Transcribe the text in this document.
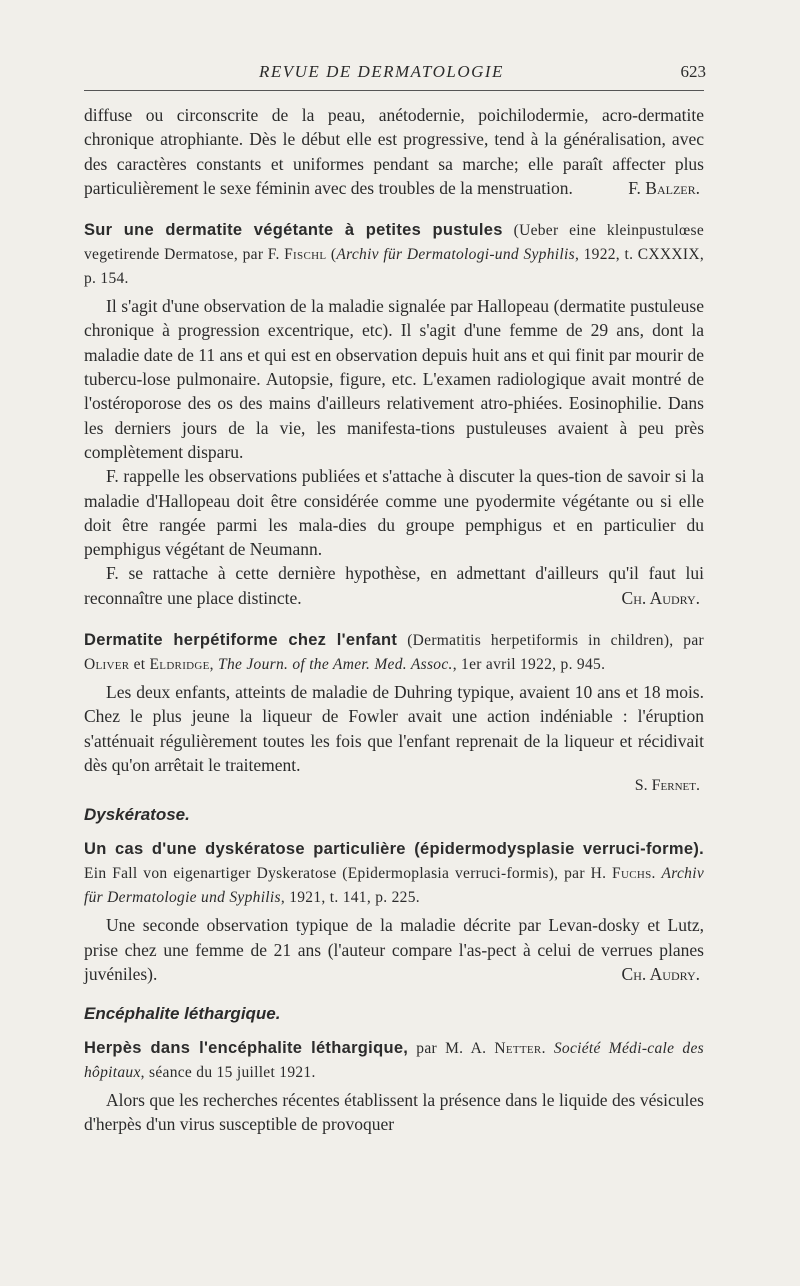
REVUE DE DERMATOLOGIE	623

diffuse ou circonscrite de la peau, anétodernie, poichilodermie, acro-dermatite chronique atrophiante. Dès le début elle est progressive, tend à la généralisation, avec des caractères constants et uniformes pendant sa marche; elle paraît affecter plus particulièrement le sexe féminin avec des troubles de la menstruation.	F. Balzer.

Sur une dermatite végétante à petites pustules (Ueber eine kleinpustulœse vegetirende Dermatose, par F. Fischl (Archiv für Dermatologi-und Syphilis, 1922, t. CXXXIX, p. 154.

Il s'agit d'une observation de la maladie signalée par Hallopeau (dermatite pustuleuse chronique à progression excentrique, etc). Il s'agit d'une femme de 29 ans, dont la maladie date de 11 ans et qui est en observation depuis huit ans et qui finit par mourir de tubercu-lose pulmonaire. Autopsie, figure, etc. L'examen radiologique avait montré de l'ostéroporose des os des mains d'ailleurs relativement atro-phiées. Eosinophilie. Dans les derniers jours de la vie, les manifesta-tions pustuleuses avaient à peu près complètement disparu.

F. rappelle les observations publiées et s'attache à discuter la ques-tion de savoir si la maladie d'Hallopeau doit être considérée comme une pyodermite végétante ou si elle doit être rangée parmi les mala-dies du groupe pemphigus et en particulier du pemphigus végétant de Neumann.

F. se rattache à cette dernière hypothèse, en admettant d'ailleurs qu'il faut lui reconnaître une place distincte.	Ch. Audry.

Dermatite herpétiforme chez l'enfant (Dermatitis herpetiformis in children), par Oliver et Eldridge, The Journ. of the Amer. Med. Assoc., 1er avril 1922, p. 945.

Les deux enfants, atteints de maladie de Duhring typique, avaient 10 ans et 18 mois. Chez le plus jeune la liqueur de Fowler avait une action indéniable : l'éruption s'atténuait régulièrement toutes les fois que l'enfant reprenait de la liqueur et récidivait dès qu'on arrêtait le traitement.

S. Fernet.
Dyskératose.

Un cas d'une dyskératose particulière (épidermodysplasie verruci-forme). Ein Fall von eigenartiger Dyskeratose (Epidermoplasia verruci-formis), par H. Fuchs. Archiv für Dermatologie und Syphilis, 1921, t. 141, p. 225.

Une seconde observation typique de la maladie décrite par Levan-dosky et Lutz, prise chez une femme de 21 ans (l'auteur compare l'as-pect à celui de verrues planes juvéniles).	Ch. Audry.

Encéphalite léthargique.

Herpès dans l'encéphalite léthargique, par M. A. Netter. Société Médi-cale des hôpitaux, séance du 15 juillet 1921.

Alors que les recherches récentes établissent la présence dans le liquide des vésicules d'herpès d'un virus susceptible de provoquer
